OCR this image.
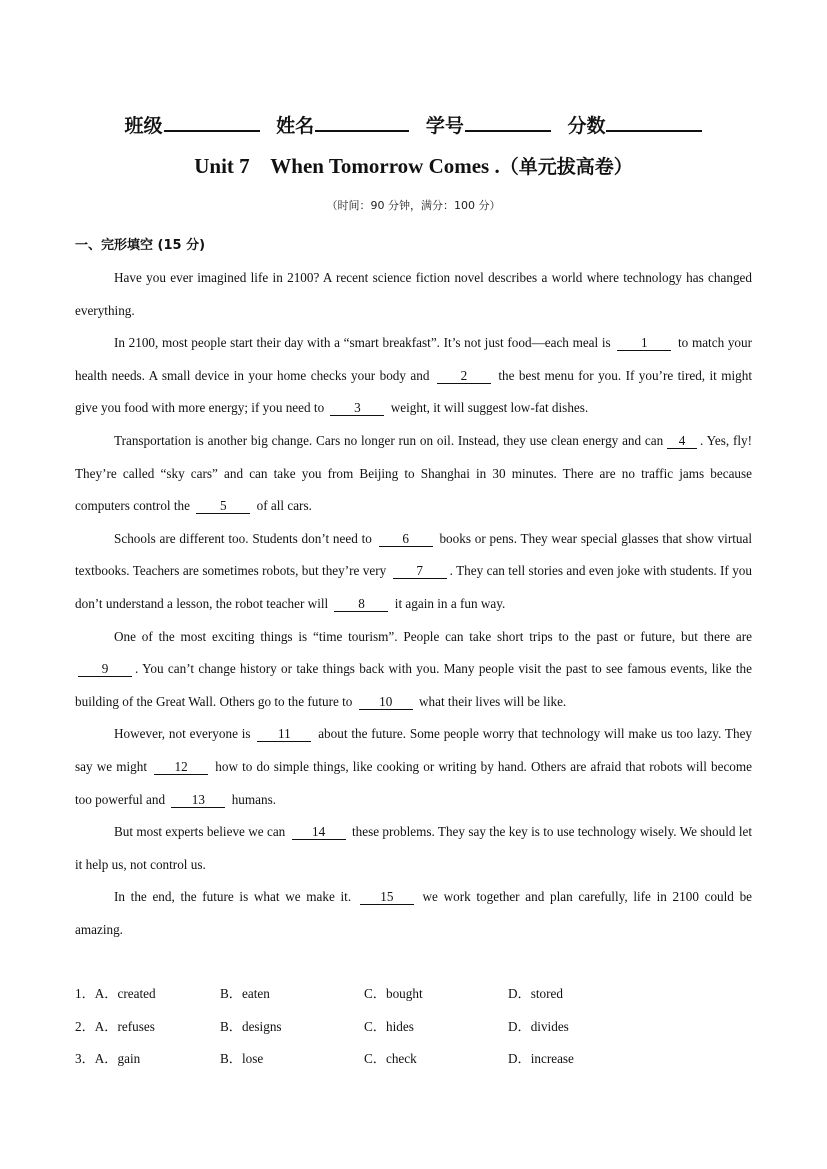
班级	姓名	学号	分数
Unit 7    When Tomorrow Comes .（单元拔高卷）
（时间：90 分钟，满分：100 分）
一、完形填空 (15 分)

Have you ever imagined life in 2100? A recent science fiction novel describes a world where technology has changed everything.

In 2100, most people start their day with a “smart breakfast”. It’s not just food—each meal is 1 to match your health needs. A small device in your home checks your body and 2 the best menu for you. If you’re tired, it might give you food with more energy; if you need to 3 weight, it will suggest low-fat dishes.

Transportation is another big change. Cars no longer run on oil. Instead, they use clean energy and can 4 . Yes, fly! They’re called “sky cars” and can take you from Beijing to Shanghai in 30 minutes. There are no traffic jams because computers control the 5 of all cars.

Schools are different too. Students don’t need to 6 books or pens. They wear special glasses that show virtual textbooks. Teachers are sometimes robots, but they’re very 7 . They can tell stories and even joke with students. If you don’t understand a lesson, the robot teacher will 8 it again in a fun way.

One of the most exciting things is “time tourism”. People can take short trips to the past or future, but there are 9 . You can’t change history or take things back with you. Many people visit the past to see famous events, like the building of the Great Wall. Others go to the future to 10 what their lives will be like.

However, not everyone is 11 about the future. Some people worry that technology will make us too lazy. They say we might 12 how to do simple things, like cooking or writing by hand. Others are afraid that robots will become too powerful and 13 humans.

But most experts believe we can 14 these problems. They say the key is to use technology wisely. We should let it help us, not control us.

In the end, the future is what we make it. 15 we work together and plan carefully, life in 2100 could be amazing.

1．A．created	B．eaten	C．bought	D．stored
2．A．refuses	B．designs	C．hides	D．divides
3．A．gain	B．lose	C．check	D．increase
